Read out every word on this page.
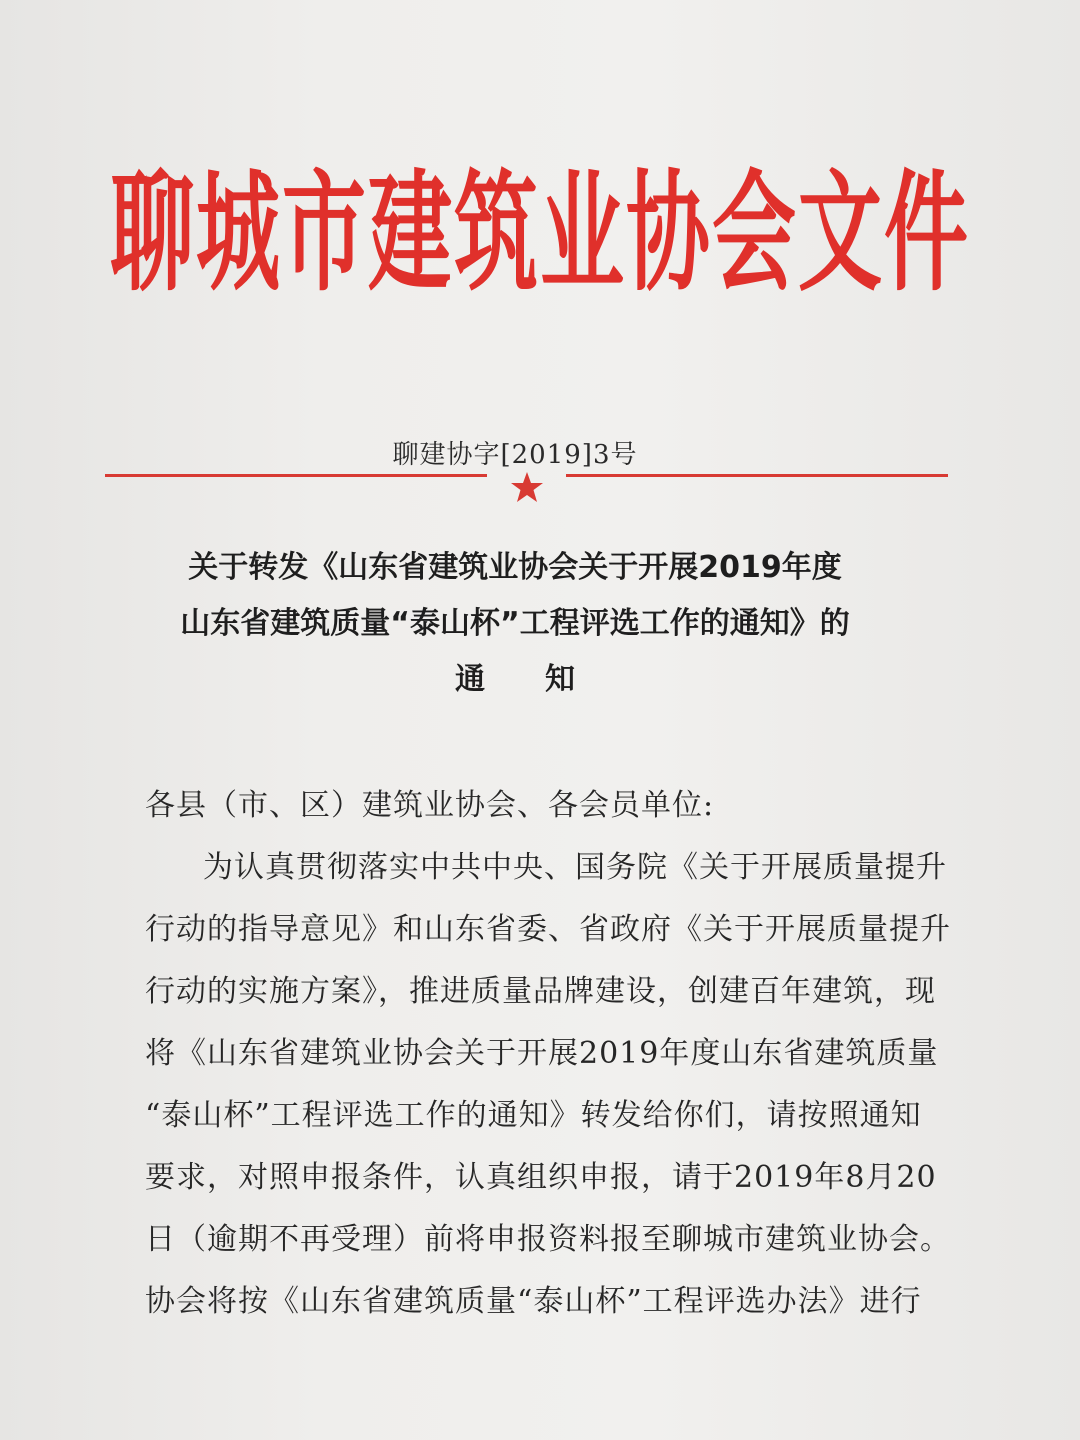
聊城市建筑业协会文件
聊建协字[2019]3号
关于转发《山东省建筑业协会关于开展2019年度
山东省建筑质量“泰山杯”工程评选工作的通知》的
通知
各县（市、区）建筑业协会、各会员单位:
为认真贯彻落实中共中央、国务院《关于开展质量提升
行动的指导意见》和山东省委、省政府《关于开展质量提升
行动的实施方案》，推进质量品牌建设，创建百年建筑，现
将《山东省建筑业协会关于开展2019年度山东省建筑质量
“泰山杯”工程评选工作的通知》转发给你们，请按照通知
要求，对照申报条件，认真组织申报，请于2019年8月20
日（逾期不再受理）前将申报资料报至聊城市建筑业协会。
协会将按《山东省建筑质量“泰山杯”工程评选办法》进行
